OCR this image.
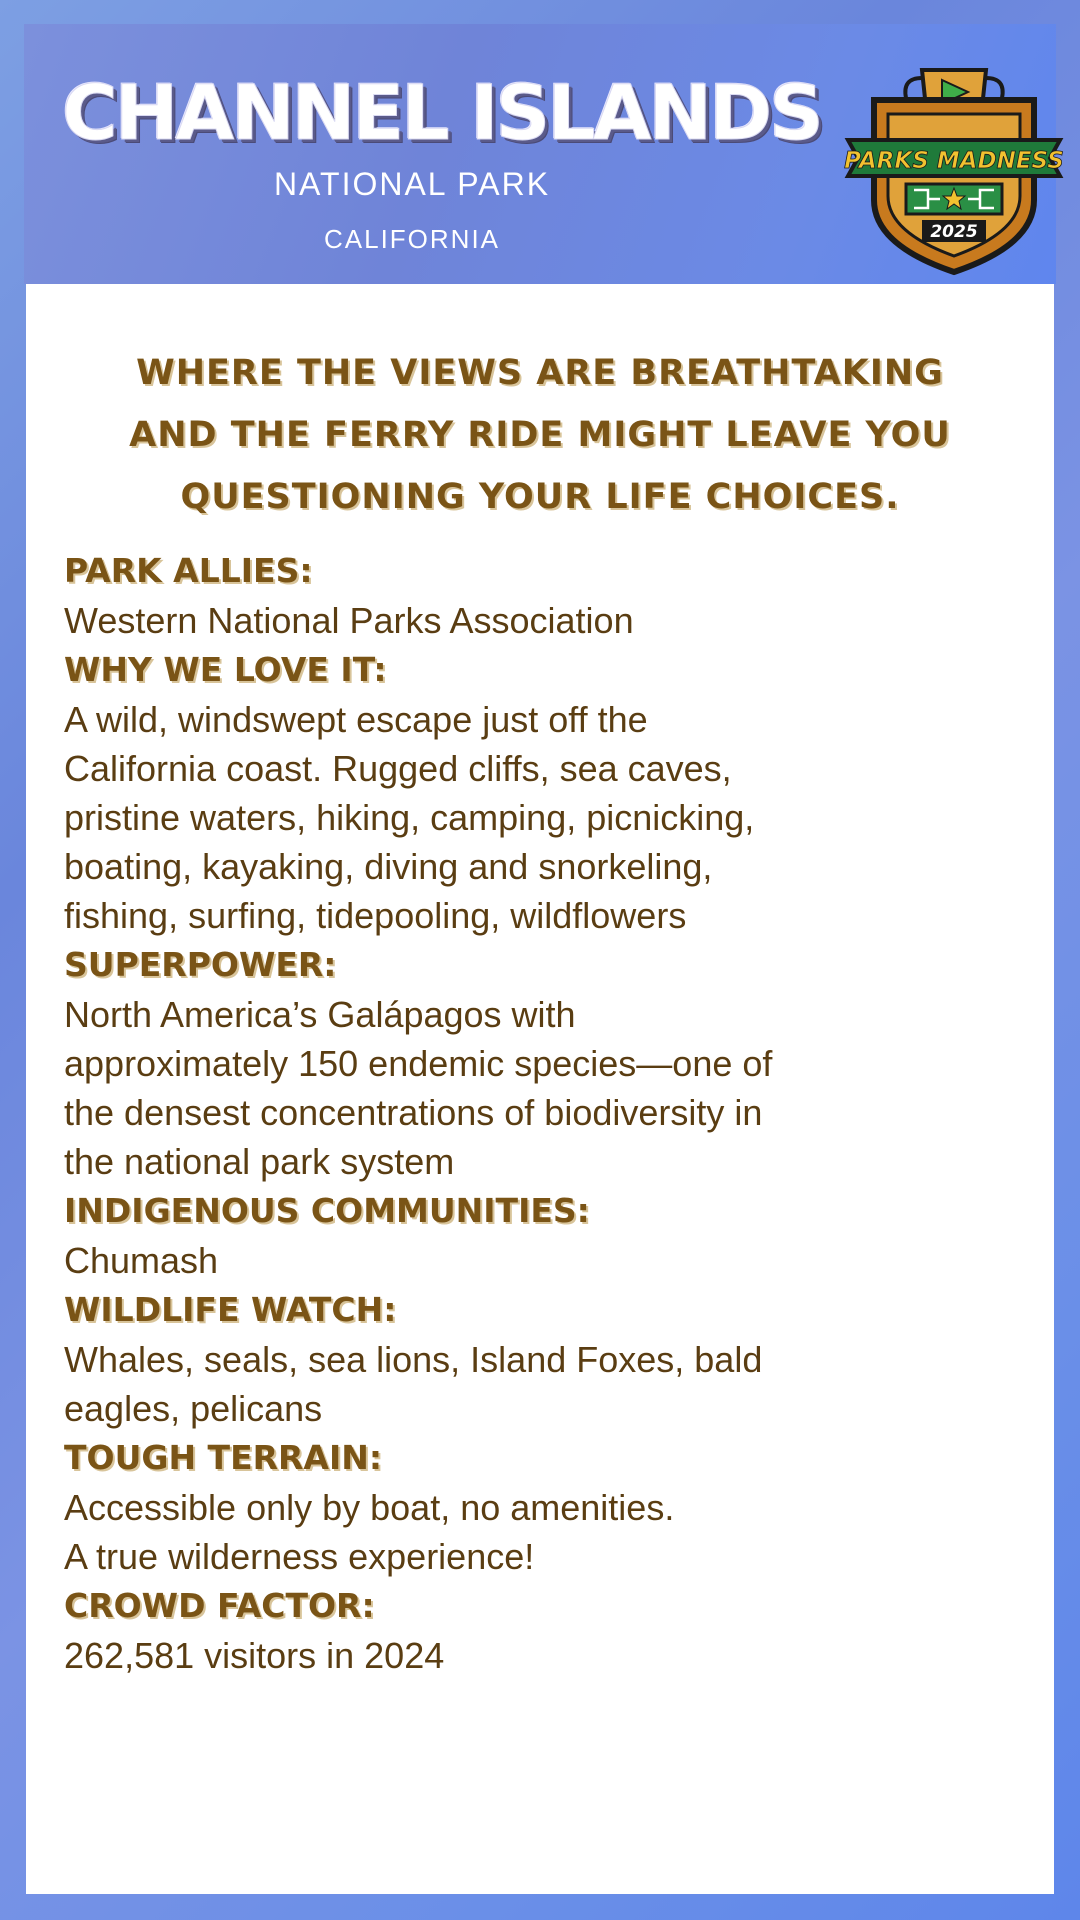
CHANNEL ISLANDS
NATIONAL PARK
CALIFORNIA
PARKS MADNESS
2025
WHERE THE VIEWS ARE BREATHTAKING
AND THE FERRY RIDE MIGHT LEAVE YOU
QUESTIONING YOUR LIFE CHOICES.
PARK ALLIES:
Western National Parks Association
WHY WE LOVE IT:
A wild, windswept escape just off the
California coast. Rugged cliffs, sea caves,
pristine waters, hiking, camping, picnicking,
boating, kayaking, diving and snorkeling,
fishing, surfing, tidepooling, wildflowers
SUPERPOWER:
North America’s Galápagos with
approximately 150 endemic species—one of
the densest concentrations of biodiversity in
the national park system
INDIGENOUS COMMUNITIES:
Chumash
WILDLIFE WATCH:
Whales, seals, sea lions, Island Foxes, bald
eagles, pelicans
TOUGH TERRAIN:
Accessible only by boat, no amenities.
A true wilderness experience!
CROWD FACTOR:
262,581 visitors in 2024
